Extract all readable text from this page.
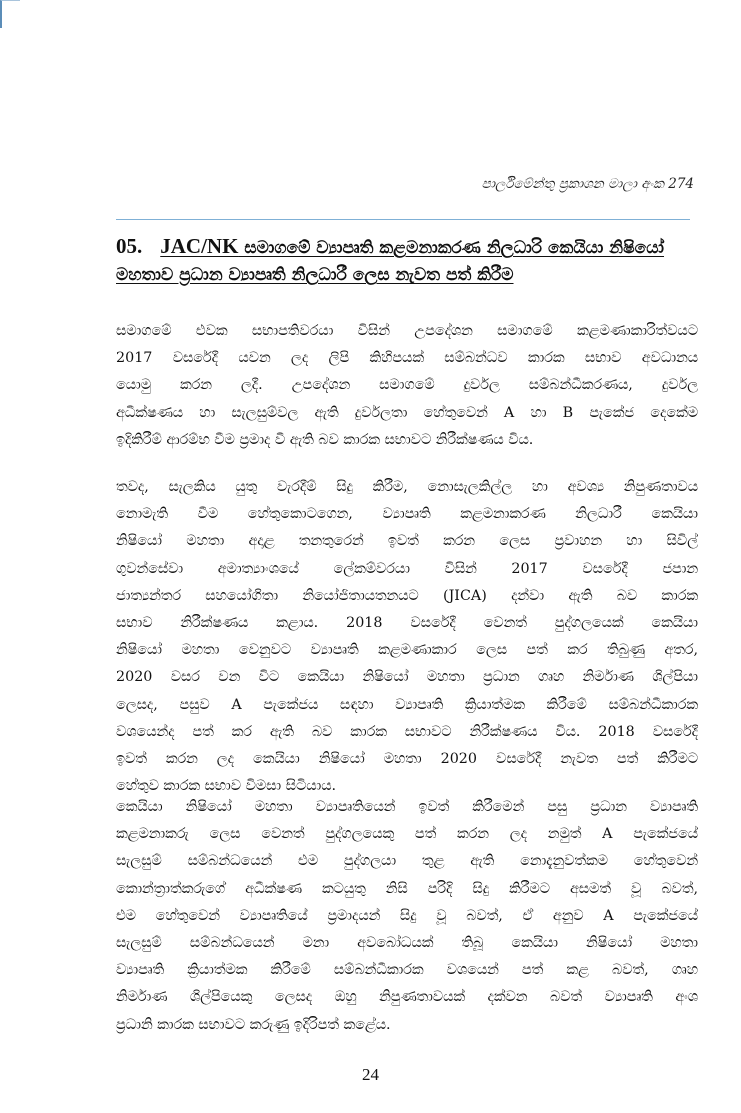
පාර්ලිමේන්තු ප්‍රකාශන මාලා අංක 274
05. JAC/NK සමාගමේ ව්‍යාපෘති කළමනාකරණ නිලධාරි කෙයියා නිෂියෝ
මහතාව ප්‍රධාන ව්‍යාපෘති නිලධාරී ලෙස නැවත පත් කිරීම
සමාගමේ එවක සභාපතිවරයා විසින් උපදේශන සමාගමේ කළමණාකාරිත්වයට
2017 වසරේදී යවන ලද ලිපි කිහිපයක් සම්බන්ධව කාරක සභාව අවධානය
යොමු කරන ලදී. උපදේශන සමාගමේ දුර්වල සම්බන්ධීකරණය, දුර්වල
අධීක්ෂණය හා සැලසුම්වල ඇති දුර්වලතා හේතුවෙන් A හා B පැකේජ දෙකේම
ඉදිකිරීම් ආරම්භ වීම ප්‍රමාද වී ඇති බව කාරක සභාවට නිරීක්ෂණය විය.
තවද, සැලකිය යුතු වැරදීම් සිදු කිරීම, නොසැලකිල්ල හා අවශ්‍ය නිපුණතාවය
නොමැති වීම හේතුකොටගෙන, ව්‍යාපෘති කළමනාකරණ නිලධාරී කෙයියා
නිෂියෝ මහතා අදාළ තනතුරෙන් ඉවත් කරන ලෙස ප්‍රවාහන හා සිවිල්
ගුවන්සේවා අමාත්‍යාංශයේ ලේකම්වරයා විසින් 2017 වසරේදී ජපාන
ජාත්‍යන්තර සහයෝගිතා නියෝජිතායතනයට (JICA) දන්වා ඇති බව කාරක
සභාව නිරීක්ෂණය කළාය. 2018 වසරේදී වෙනත් පුද්ගලයෙක් කෙයියා
නිෂියෝ මහතා වෙනුවට ව්‍යාපෘති කළමණාකාර ලෙස පත් කර තිබුණු අතර,
2020 වසර වන විට කෙයියා නිෂියෝ මහතා ප්‍රධාන ගෘහ නිර්මාණ ශිල්පියා
ලෙසද, පසුව A පැකේජය සඳහා ව්‍යාපෘති ක්‍රියාත්මක කිරීමේ සම්බන්ධීකාරක
වශයෙන්ද පත් කර ඇති බව කාරක සභාවට නිරීක්ෂණය විය. 2018 වසරේදී
ඉවත් කරන ලද කෙයියා නිෂියෝ මහතා 2020 වසරේදී නැවත පත් කිරීමට
හේතුව කාරක සභාව විමසා සිටියාය.
කෙයියා නිෂියෝ මහතා ව්‍යාපෘතියෙන් ඉවත් කිරීමෙන් පසු ප්‍රධාන ව්‍යාපෘති
කළමනාකරු ලෙස වෙනත් පුද්ගලයෙකු පත් කරන ලද නමුත් A පැකේජයේ
සැලසුම් සම්බන්ධයෙන් එම පුද්ගලයා තුළ ඇති නොදැනුවත්කම හේතුවෙන්
කොන්ත්‍රාත්කරුගේ අධීක්ෂණ කටයුතු නිසි පරිදි සිදු කිරීමට අසමත් වූ බවත්,
එම හේතුවෙන් ව්‍යාපෘතියේ ප්‍රමාදයන් සිදු වූ බවත්, ඒ අනුව A පැකේජයේ
සැලසුම් සම්බන්ධයෙන් මනා අවබෝධයක් තිබූ කෙයියා නිෂියෝ මහතා
ව්‍යාපෘති ක්‍රියාත්මක කිරීමේ සම්බන්ධීකාරක වශයෙන් පත් කළ බවත්, ගෘහ
නිර්මාණ ශිල්පියෙකු ලෙසද ඔහු නිපුණතාවයක් දක්වන බවත් ව්‍යාපෘති අංශ
ප්‍රධානි කාරක සභාවට කරුණු ඉදිරිපත් කළේය.
24
